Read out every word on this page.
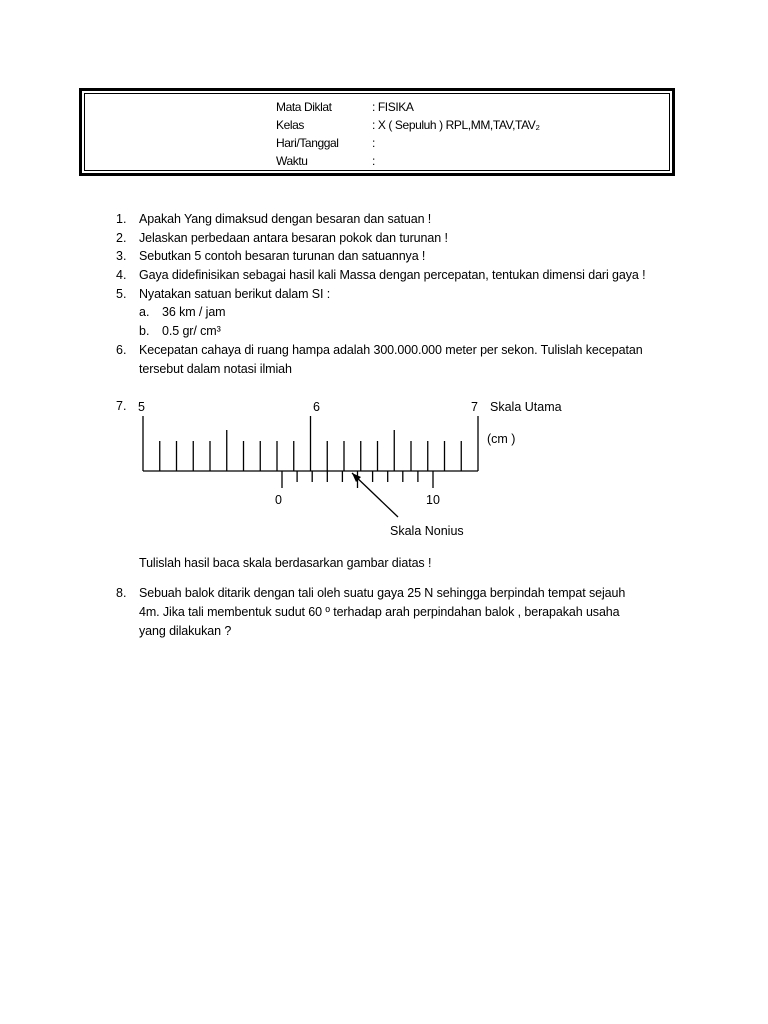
Mata Diklat	: FISIKA
Kelas	: X ( Sepuluh ) RPL,MM,TAV,TAV₂
Hari/Tanggal	:
Waktu	:
1. Apakah Yang dimaksud dengan besaran dan satuan !
2. Jelaskan perbedaan antara besaran pokok dan turunan !
3. Sebutkan 5 contoh besaran turunan dan satuannya !
4. Gaya didefinisikan sebagai hasil kali Massa dengan percepatan, tentukan dimensi dari gaya !
5. Nyatakan satuan berikut dalam SI :
a. 36 km / jam
b. 0.5 gr/ cm³
6. Kecepatan cahaya di ruang hampa adalah 300.000.000 meter per sekon. Tulislah kecepatan
tersebut dalam notasi ilmiah
7. 5	6	7 Skala Utama
(cm )
0	10
Skala Nonius
Tulislah hasil baca skala berdasarkan gambar diatas !
8. Sebuah balok ditarik dengan tali oleh suatu gaya 25 N sehingga berpindah tempat sejauh
4m. Jika tali membentuk sudut 60 º terhadap arah perpindahan balok , berapakah usaha
yang dilakukan ?
